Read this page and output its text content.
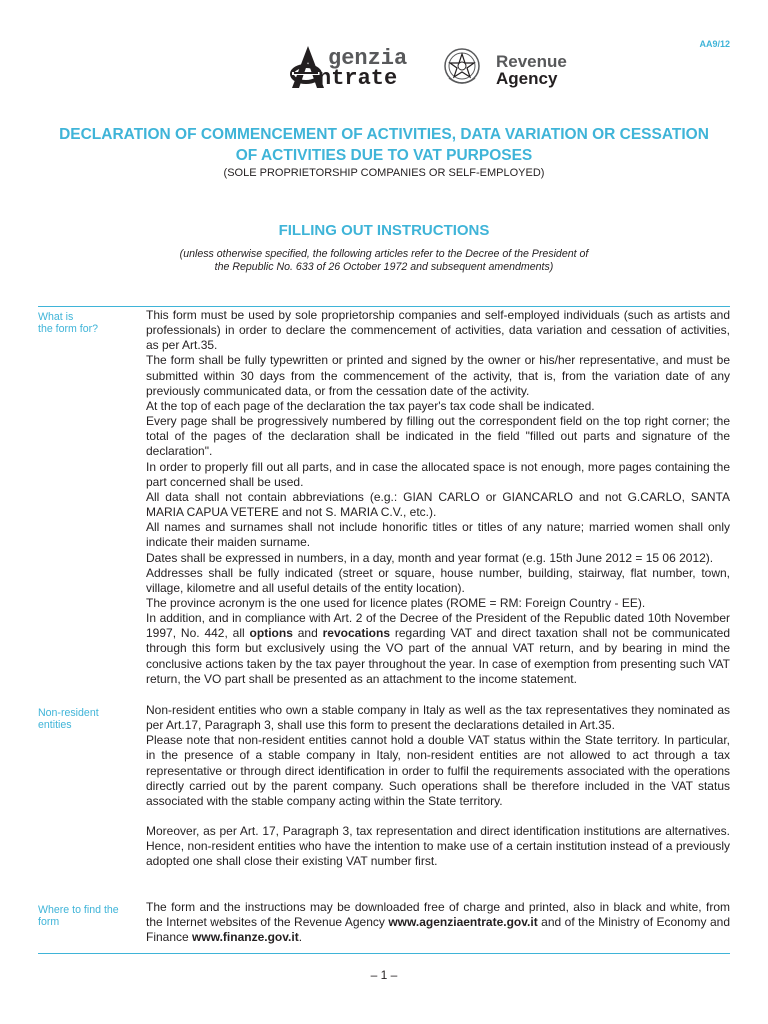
AA9/12
genzia
ntrate
Revenue
Agency
DECLARATION OF COMMENCEMENT OF ACTIVITIES, DATA VARIATION OR CESSATION
OF ACTIVITIES DUE TO VAT PURPOSES
(SOLE PROPRIETORSHIP COMPANIES OR SELF-EMPLOYED)
FILLING OUT INSTRUCTIONS
(unless otherwise specified, the following articles refer to the Decree of the President of
the Republic No. 633 of 26 October 1972 and subsequent amendments)
What is
the form for?

This form must be used by sole proprietorship companies and self-employed individuals (such as artists and professionals) in order to declare the commencement of activities, data variation and cessation of activities, as per Art.35.

The form shall be fully typewritten or printed and signed by the owner or his/her representative, and must be submitted within 30 days from the commencement of the activity, that is, from the variation date of any previously communicated data, or from the cessation date of the activity.

At the top of each page of the declaration the tax payer's tax code shall be indicated.

Every page shall be progressively numbered by filling out the correspondent field on the top right corner; the total of the pages of the declaration shall be indicated in the field "filled out parts and signature of the declaration".

In order to properly fill out all parts, and in case the allocated space is not enough, more pages containing the part concerned shall be used.

All data shall not contain abbreviations (e.g.: GIAN CARLO or GIANCARLO and not G.CARLO, SANTA MARIA CAPUA VETERE and not S. MARIA C.V., etc.).

All names and surnames shall not include honorific titles or titles of any nature; married women shall only indicate their maiden surname.

Dates shall be expressed in numbers, in a day, month and year format (e.g. 15th June 2012 = 15 06 2012).

Addresses shall be fully indicated (street or square, house number, building, stairway, flat number, town, village, kilometre and all useful details of the entity location).

The province acronym is the one used for licence plates (ROME = RM: Foreign Country - EE).

In addition, and in compliance with Art. 2 of the Decree of the President of the Republic dated 10th November 1997, No. 442, all options and revocations regarding VAT and direct taxation shall not be communicated through this form but exclusively using the VO part of the annual VAT return, and by bearing in mind the conclusive actions taken by the tax payer throughout the year. In case of exemption from presenting such VAT return, the VO part shall be presented as an attachment to the income statement.

Non-resident
entities

Non-resident entities who own a stable company in Italy as well as the tax representatives they nominated as per Art.17, Paragraph 3, shall use this form to present the declarations detailed in Art.35.

Please note that non-resident entities cannot hold a double VAT status within the State territory. In particular, in the presence of a stable company in Italy, non-resident entities are not allowed to act through a tax representative or through direct identification in order to fulfil the requirements associated with the operations directly carried out by the parent company. Such operations shall be therefore included in the VAT status associated with the stable company acting within the State territory.

Moreover, as per Art. 17, Paragraph 3, tax representation and direct identification institutions are alternatives. Hence, non-resident entities who have the intention to make use of a certain institution instead of a previously adopted one shall close their existing VAT number first.

Where to find the
form

The form and the instructions may be downloaded free of charge and printed, also in black and white, from the Internet websites of the Revenue Agency www.agenziaentrate.gov.it and of the Ministry of Economy and Finance www.finanze.gov.it.

– 1 –
